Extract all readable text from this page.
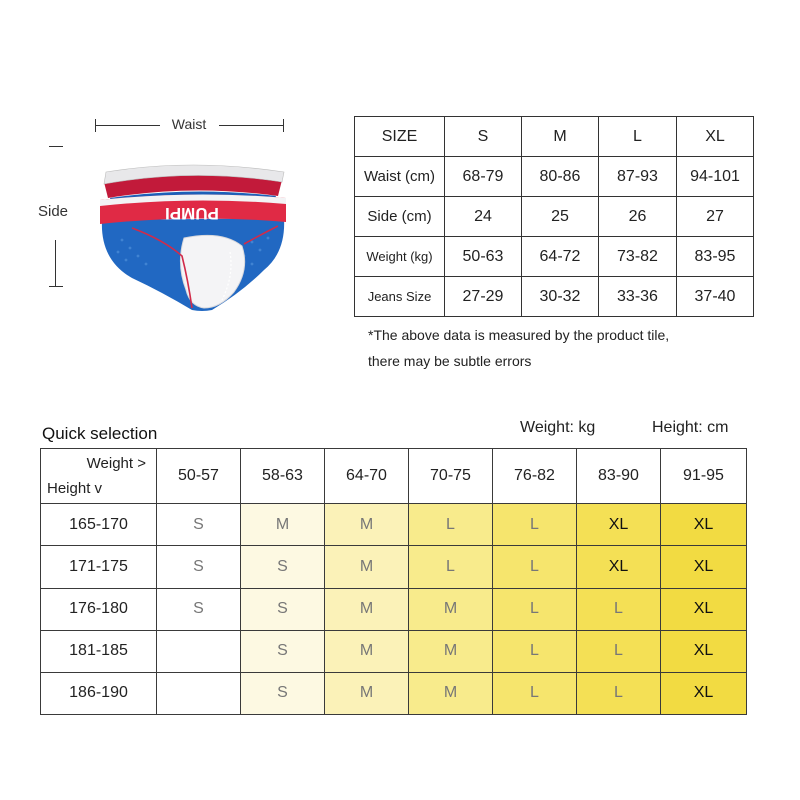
Waist
Side	PUMPI
SIZE	S	M	L	XL
Waist (cm)	68-79	80-86	87-93	94-101
Side (cm)	24	25	26	27
Weight (kg)	50-63	64-72	73-82	83-95
Jeans Size	27-29	30-32	33-36	37-40
*The above data is measured by the product tile,
there may be subtle errors
Quick selection	Weight: kg	Height: cm
Weight >
Height v	50-57	58-63	64-70	70-75	76-82	83-90	91-95
165-170	S	M	M	L	L	XL	XL
171-175	S	S	M	L	L	XL	XL
176-180	S	S	M	M	L	L	XL
181-185		S	M	M	L	L	XL
186-190		S	M	M	L	L	XL
